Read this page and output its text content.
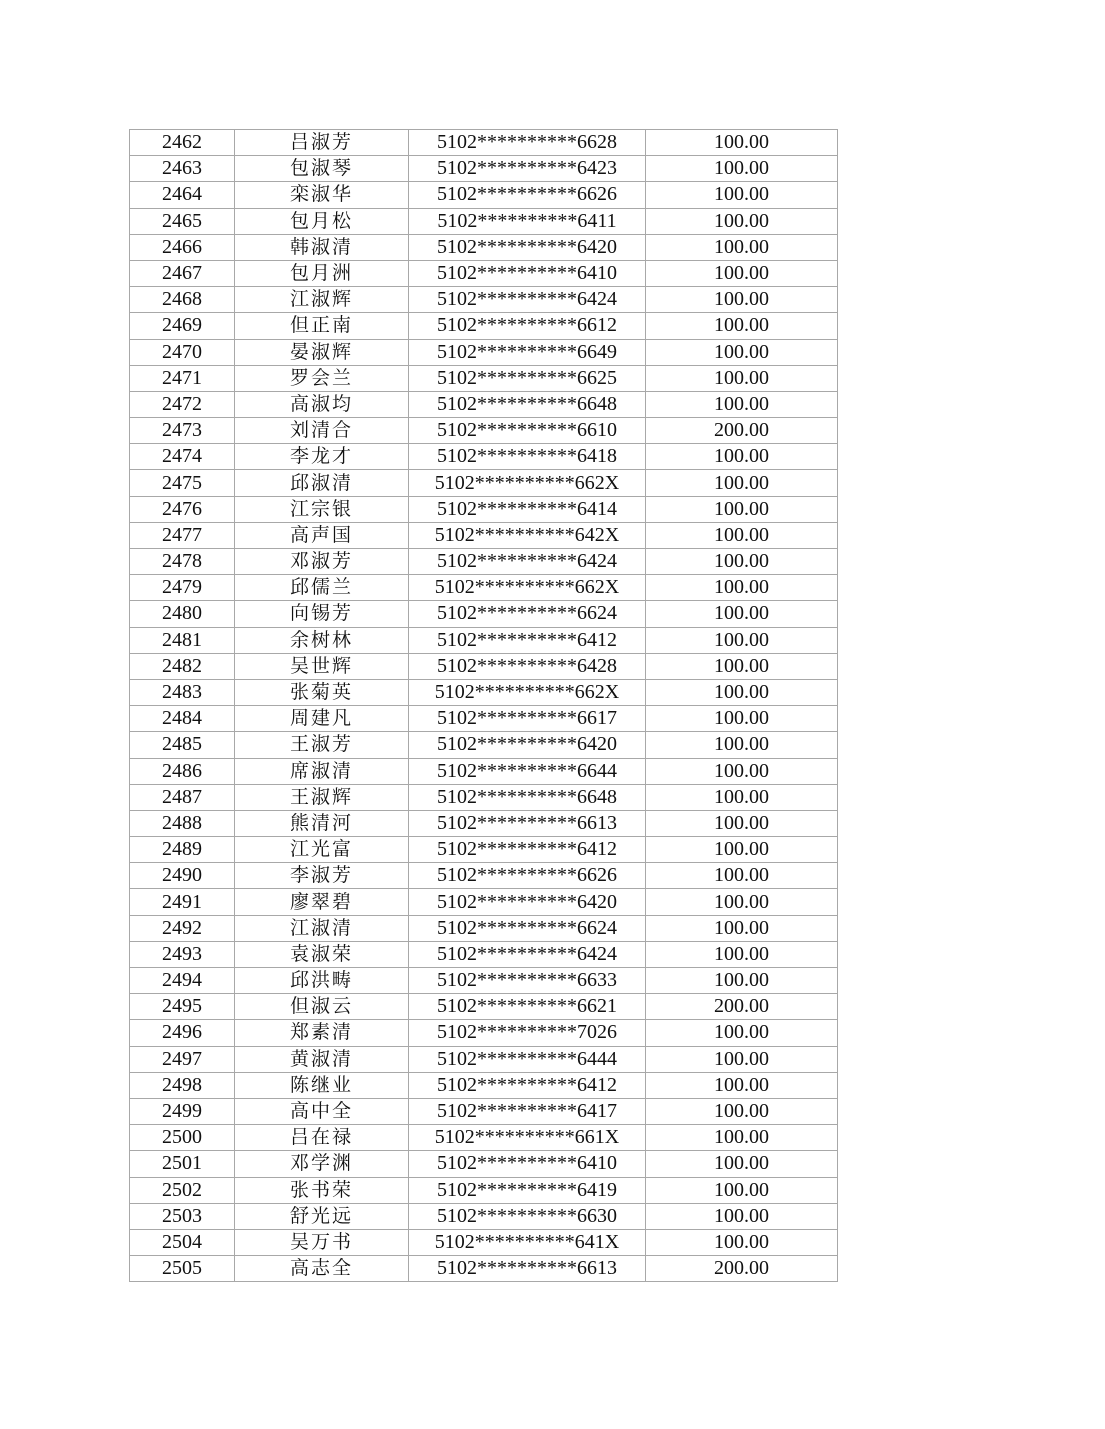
2462	吕淑芳	5102**********6628	100.00
2463	包淑琴	5102**********6423	100.00
2464	栾淑华	5102**********6626	100.00
2465	包月松	5102**********6411	100.00
2466	韩淑清	5102**********6420	100.00
2467	包月洲	5102**********6410	100.00
2468	江淑辉	5102**********6424	100.00
2469	但正南	5102**********6612	100.00
2470	晏淑辉	5102**********6649	100.00
2471	罗会兰	5102**********6625	100.00
2472	高淑均	5102**********6648	100.00
2473	刘清合	5102**********6610	200.00
2474	李龙才	5102**********6418	100.00
2475	邱淑清	5102**********662X	100.00
2476	江宗银	5102**********6414	100.00
2477	高声国	5102**********642X	100.00
2478	邓淑芳	5102**********6424	100.00
2479	邱儒兰	5102**********662X	100.00
2480	向锡芳	5102**********6624	100.00
2481	余树林	5102**********6412	100.00
2482	吴世辉	5102**********6428	100.00
2483	张菊英	5102**********662X	100.00
2484	周建凡	5102**********6617	100.00
2485	王淑芳	5102**********6420	100.00
2486	席淑清	5102**********6644	100.00
2487	王淑辉	5102**********6648	100.00
2488	熊清河	5102**********6613	100.00
2489	江光富	5102**********6412	100.00
2490	李淑芳	5102**********6626	100.00
2491	廖翠碧	5102**********6420	100.00
2492	江淑清	5102**********6624	100.00
2493	袁淑荣	5102**********6424	100.00
2494	邱洪畴	5102**********6633	100.00
2495	但淑云	5102**********6621	200.00
2496	郑素清	5102**********7026	100.00
2497	黄淑清	5102**********6444	100.00
2498	陈继业	5102**********6412	100.00
2499	高中全	5102**********6417	100.00
2500	吕在禄	5102**********661X	100.00
2501	邓学渊	5102**********6410	100.00
2502	张书荣	5102**********6419	100.00
2503	舒光远	5102**********6630	100.00
2504	吴万书	5102**********641X	100.00
2505	高志全	5102**********6613	200.00
